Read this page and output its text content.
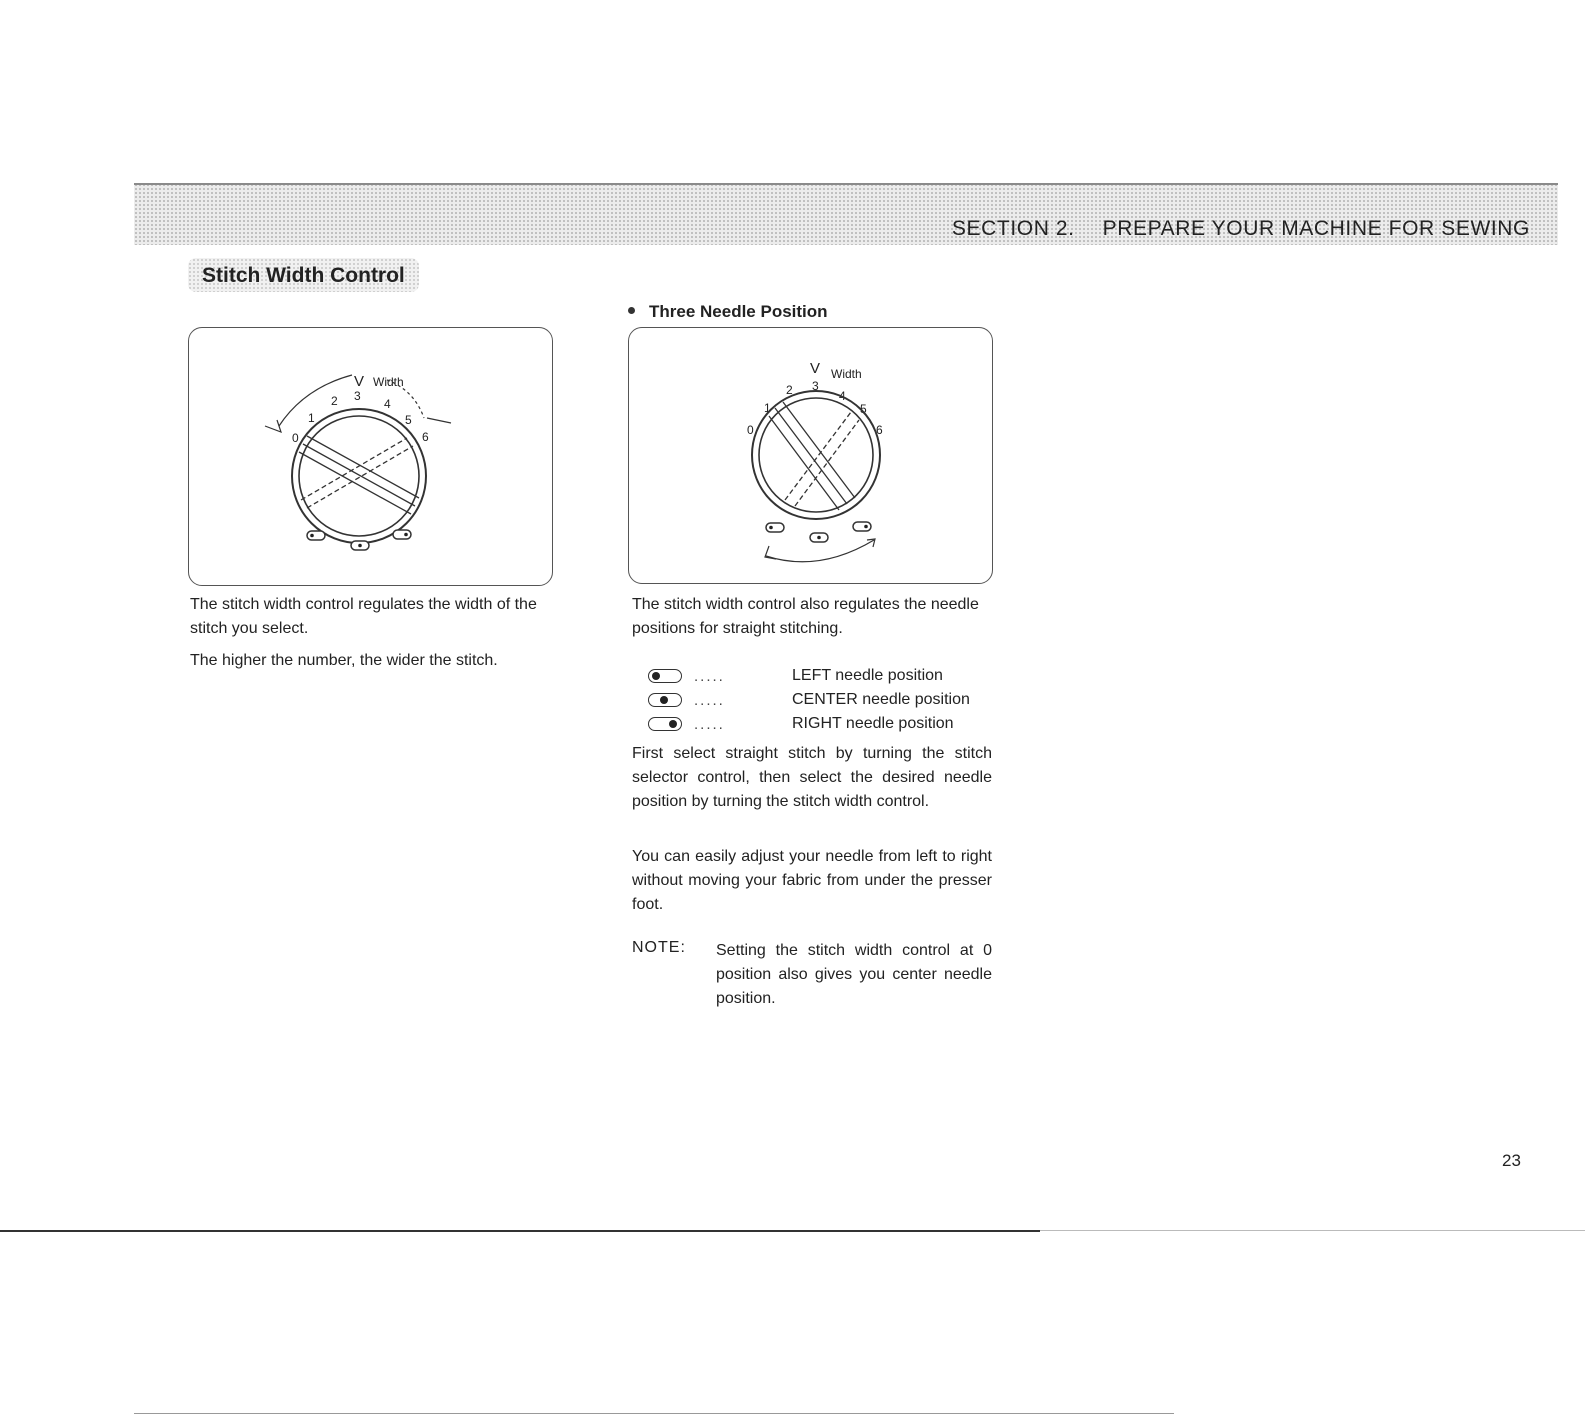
SECTION 2. PREPARE YOUR MACHINE FOR SEWING
Stitch Width Control
V Width
0
1
2 3
4
5
6
The stitch width control regulates the width of the stitch you select.
The higher the number, the wider the stitch.
Three Needle Position
V Width
0
1
2 3
4
5
6
The stitch width control also regulates the needle positions for straight stitching.
.....	LEFT needle position
.....	CENTER needle position
.....	RIGHT needle position
First select straight stitch by turning the stitch selector control, then select the desired needle position by turning the stitch width control.
You can easily adjust your needle from left to right without moving your fabric from under the presser foot.
NOTE: Setting the stitch width control at 0 position also gives you center needle position.

23
